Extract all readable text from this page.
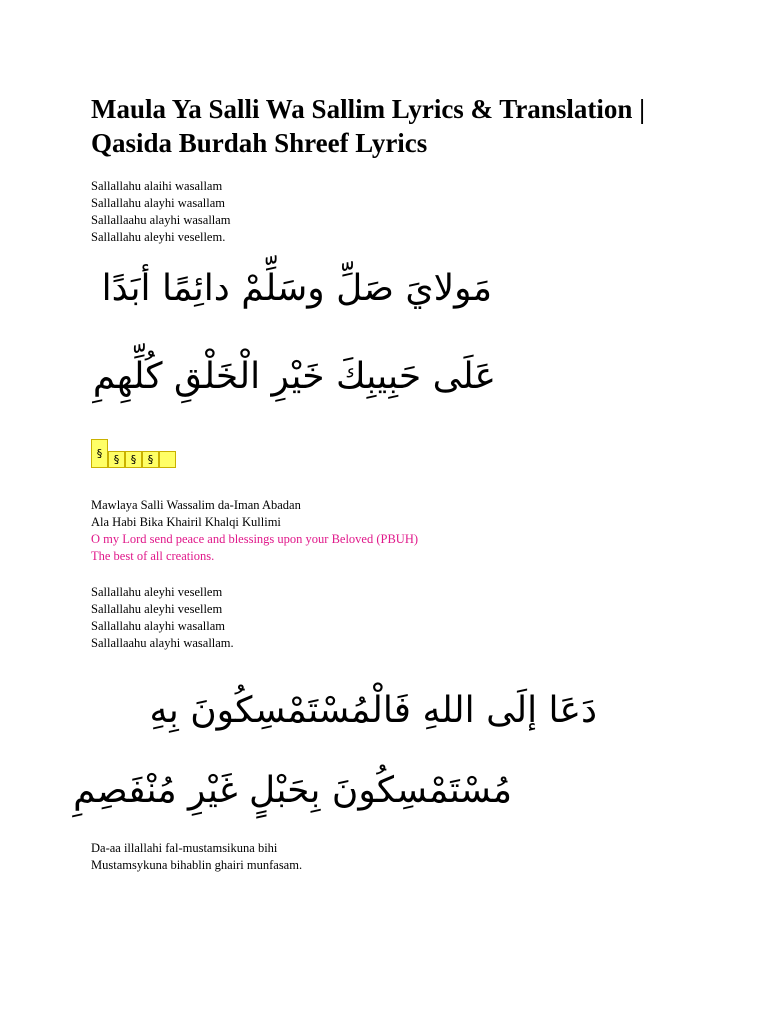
Maula Ya Salli Wa Sallim Lyrics & Translation | Qasida Burdah Shreef Lyrics
Sallallahu alaihi wasallam
Sallallahu alayhi wasallam
Sallallaahu alayhi wasallam
Sallallahu aleyhi vesellem.
مَولايَ صَلِّ وسَلِّمْ دائِمًا أبَدًا
عَلَى حَبِيبِكَ خَيْرِ الْخَلْقِ كُلِّهِمِ
§	§	§	§
Mawlaya Salli Wassalim da-Iman Abadan
Ala Habi Bika Khairil Khalqi Kullimi
O my Lord send peace and blessings upon your Beloved (PBUH)
The best of all creations.
Sallallahu aleyhi vesellem
Sallallahu aleyhi vesellem
Sallallahu alayhi wasallam
Sallallaahu alayhi wasallam.
دَعَا إلَى اللهِ فَالْمُسْتَمْسِكُونَ بِهِ
مُسْتَمْسِكُونَ بِحَبْلٍ غَيْرِ مُنْفَصِمِ
Da-aa illallahi fal-mustamsikuna bihi
Mustamsykuna bihablin ghairi munfasam.
